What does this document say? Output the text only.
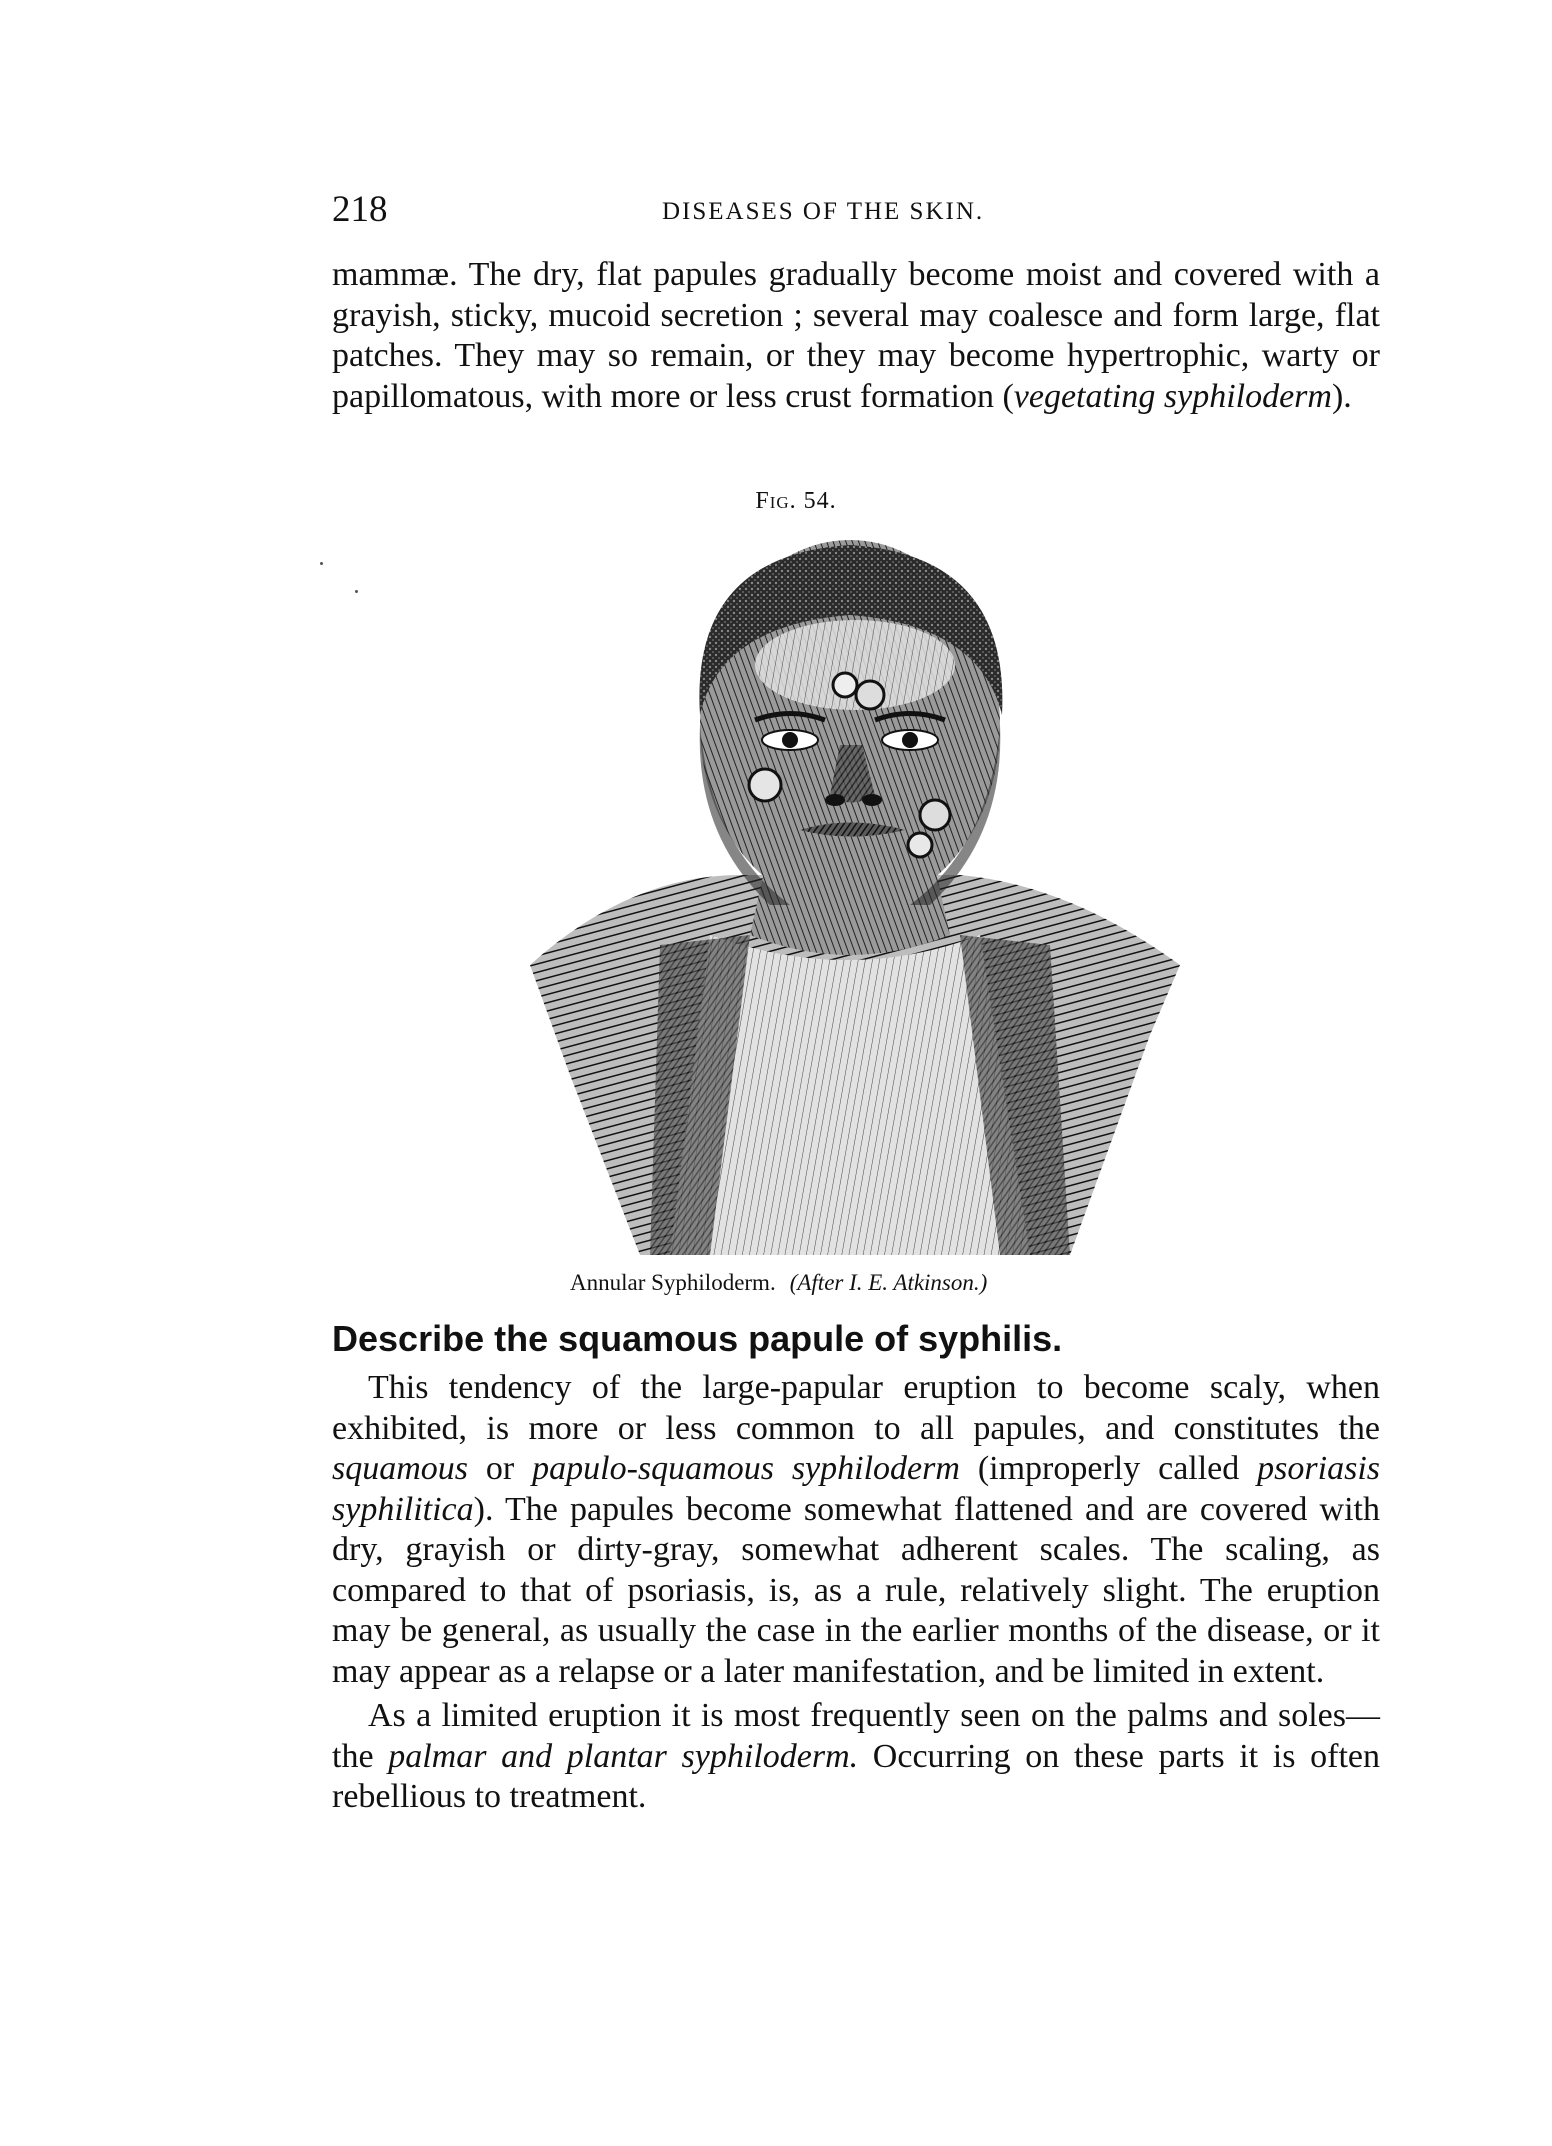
218	DISEASES OF THE SKIN.

mammæ. The dry, flat papules gradually become moist and covered with a grayish, sticky, mucoid secretion ; several may coalesce and form large, flat patches. They may so remain, or they may become hypertrophic, warty or papillomatous, with more or less crust formation (vegetating syphiloderm).

Fig. 54.
Annular Syphiloderm. (After I. E. Atkinson.)
Describe the squamous papule of syphilis.

This tendency of the large-papular eruption to become scaly, when exhibited, is more or less common to all papules, and constitutes the squamous or papulo-squamous syphiloderm (improperly called psoriasis syphilitica). The papules become somewhat flattened and are covered with dry, grayish or dirty-gray, somewhat adherent scales. The scaling, as compared to that of psoriasis, is, as a rule, relatively slight. The eruption may be general, as usually the case in the earlier months of the disease, or it may appear as a relapse or a later manifestation, and be limited in extent.

As a limited eruption it is most frequently seen on the palms and soles—the palmar and plantar syphiloderm. Occurring on these parts it is often rebellious to treatment.
